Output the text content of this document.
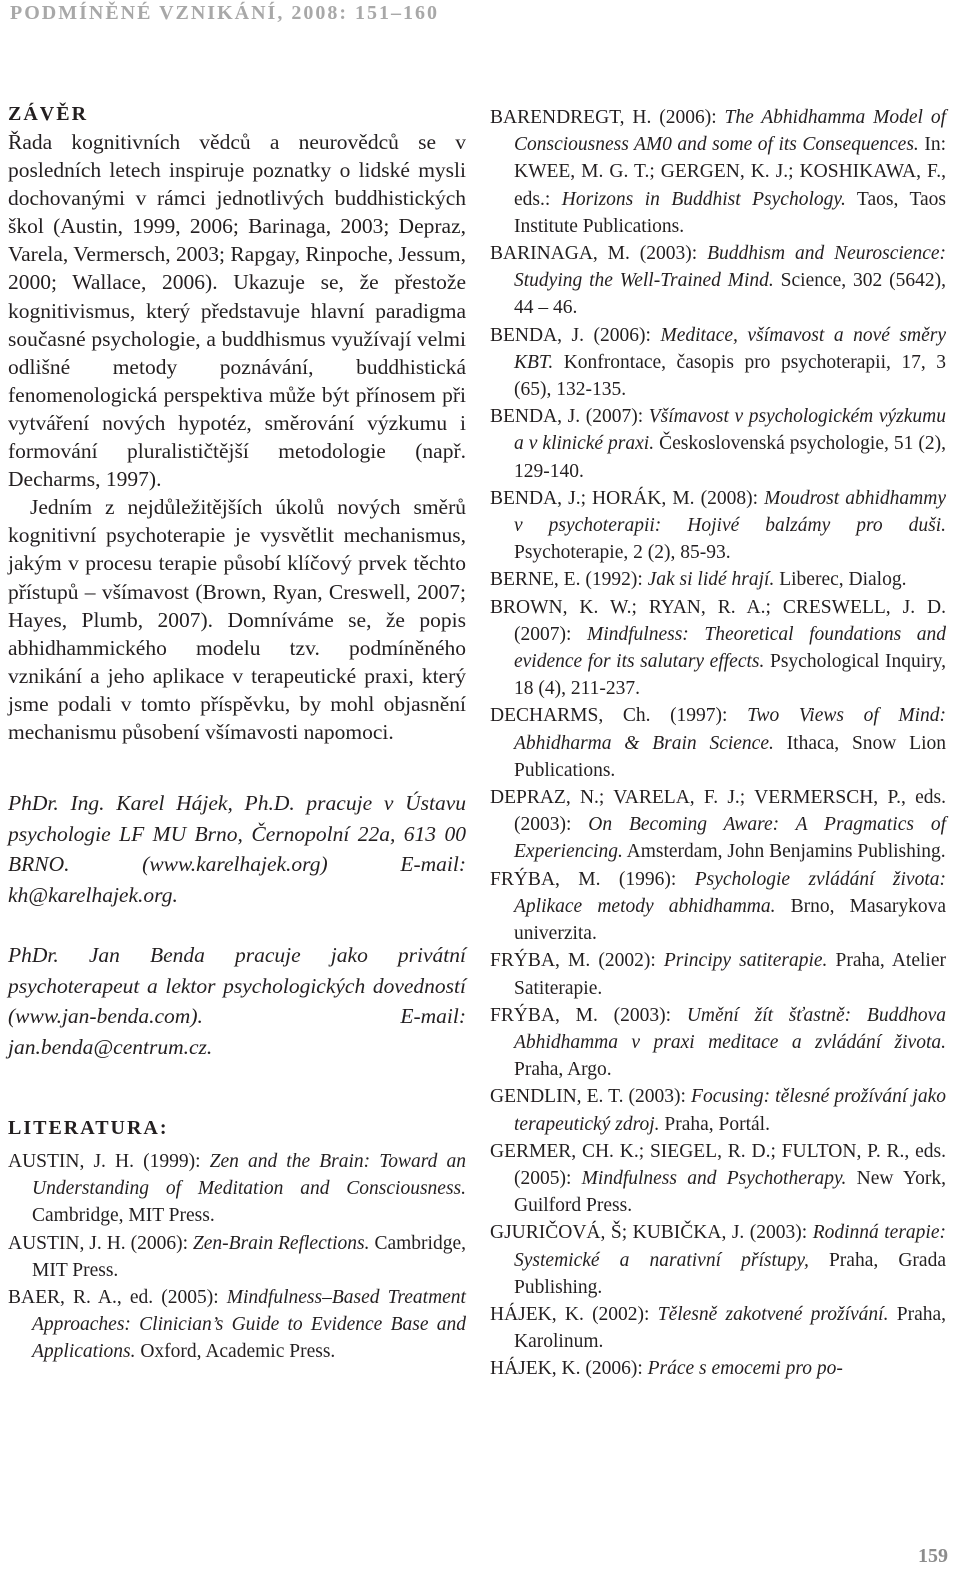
PODMÍNĚNÉ VZNIKÁNÍ, 2008: 151–160
ZÁVĚR

Řada kognitivních vědců a neurovědců se v posledních letech inspiruje poznatky o lidské mysli dochovanými v rámci jednotlivých buddhistických škol (Austin, 1999, 2006; Barinaga, 2003; Depraz, Varela, Vermersch, 2003; Rapgay, Rinpoche, Jessum, 2000; Wallace, 2006). Ukazuje se, že přestože kognitivismus, který představuje hlavní paradigma současné psychologie, a buddhismus využívají velmi odlišné metody poznávání, buddhistická fenomenologická perspektiva může být přínosem při vytváření nových hypotéz, směrování výzkumu i formování pluralističtější metodologie (např. Decharms, 1997).

Jedním z nejdůležitějších úkolů nových směrů kognitivní psychoterapie je vysvětlit mechanismus, jakým v procesu terapie působí klíčový prvek těchto přístupů – všímavost (Brown, Ryan, Creswell, 2007; Hayes, Plumb, 2007). Domníváme se, že popis abhidhammického modelu tzv. podmíněného vznikání a jeho aplikace v terapeutické praxi, který jsme podali v tomto příspěvku, by mohl objasnění mechanismu působení všímavosti napomoci.

PhDr. Ing. Karel Hájek, Ph.D. pracuje v Ústavu psychologie LF MU Brno, Černopolní 22a, 613 00 BRNO. (www.karelhajek.org) E-mail: kh@karelhajek.org.

PhDr. Jan Benda pracuje jako privátní psychoterapeut a lektor psychologických dovedností (www.jan-benda.com). E-mail: jan.benda@centrum.cz.

LITERATURA:

AUSTIN, J. H. (1999): Zen and the Brain: Toward an Understanding of Meditation and Consciousness. Cambridge, MIT Press.

AUSTIN, J. H. (2006): Zen-Brain Reflections. Cambridge, MIT Press.

BAER, R. A., ed. (2005): Mindfulness–Based Treatment Approaches: Clinician’s Guide to Evidence Base and Applications. Oxford, Academic Press.

BARENDREGT, H. (2006): The Abhidhamma Model of Consciousness AM0 and some of its Consequences. In: KWEE, M. G. T.; GERGEN, K. J.; KOSHIKAWA, F., eds.: Horizons in Buddhist Psychology. Taos, Taos Institute Publications.

BARINAGA, M. (2003): Buddhism and Neuroscience: Studying the Well-Trained Mind. Science, 302 (5642), 44 – 46.

BENDA, J. (2006): Meditace, všímavost a nové směry KBT. Konfrontace, časopis pro psychoterapii, 17, 3 (65), 132-135.

BENDA, J. (2007): Všímavost v psychologickém výzkumu a v klinické praxi. Československá psychologie, 51 (2), 129-140.

BENDA, J.; HORÁK, M. (2008): Moudrost abhidhammy v psychoterapii: Hojivé balzámy pro duši. Psychoterapie, 2 (2), 85-93.

BERNE, E. (1992): Jak si lidé hrají. Liberec, Dialog.

BROWN, K. W.; RYAN, R. A.; CRESWELL, J. D. (2007): Mindfulness: Theoretical foundations and evidence for its salutary effects. Psychological Inquiry, 18 (4), 211-237.

DECHARMS, Ch. (1997): Two Views of Mind: Abhidharma & Brain Science. Ithaca, Snow Lion Publications.

DEPRAZ, N.; VARELA, F. J.; VERMERSCH, P., eds. (2003): On Becoming Aware: A Pragmatics of Experiencing. Amsterdam, John Benjamins Publishing.

FRÝBA, M. (1996): Psychologie zvládání života: Aplikace metody abhidhamma. Brno, Masarykova univerzita.

FRÝBA, M. (2002): Principy satiterapie. Praha, Atelier Satiterapie.

FRÝBA, M. (2003): Umění žít šťastně: Buddhova Abhidhamma v praxi meditace a zvládání života. Praha, Argo.

GENDLIN, E. T. (2003): Focusing: tělesné prožívání jako terapeutický zdroj. Praha, Portál.

GERMER, CH. K.; SIEGEL, R. D.; FULTON, P. R., eds. (2005): Mindfulness and Psychotherapy. New York, Guilford Press.

GJURIČOVÁ, Š; KUBIČKA, J. (2003): Rodinná terapie: Systemické a narativní přístupy, Praha, Grada Publishing.

HÁJEK, K. (2002): Tělesně zakotvené prožívání. Praha, Karolinum.

HÁJEK, K. (2006): Práce s emocemi pro po-

159
